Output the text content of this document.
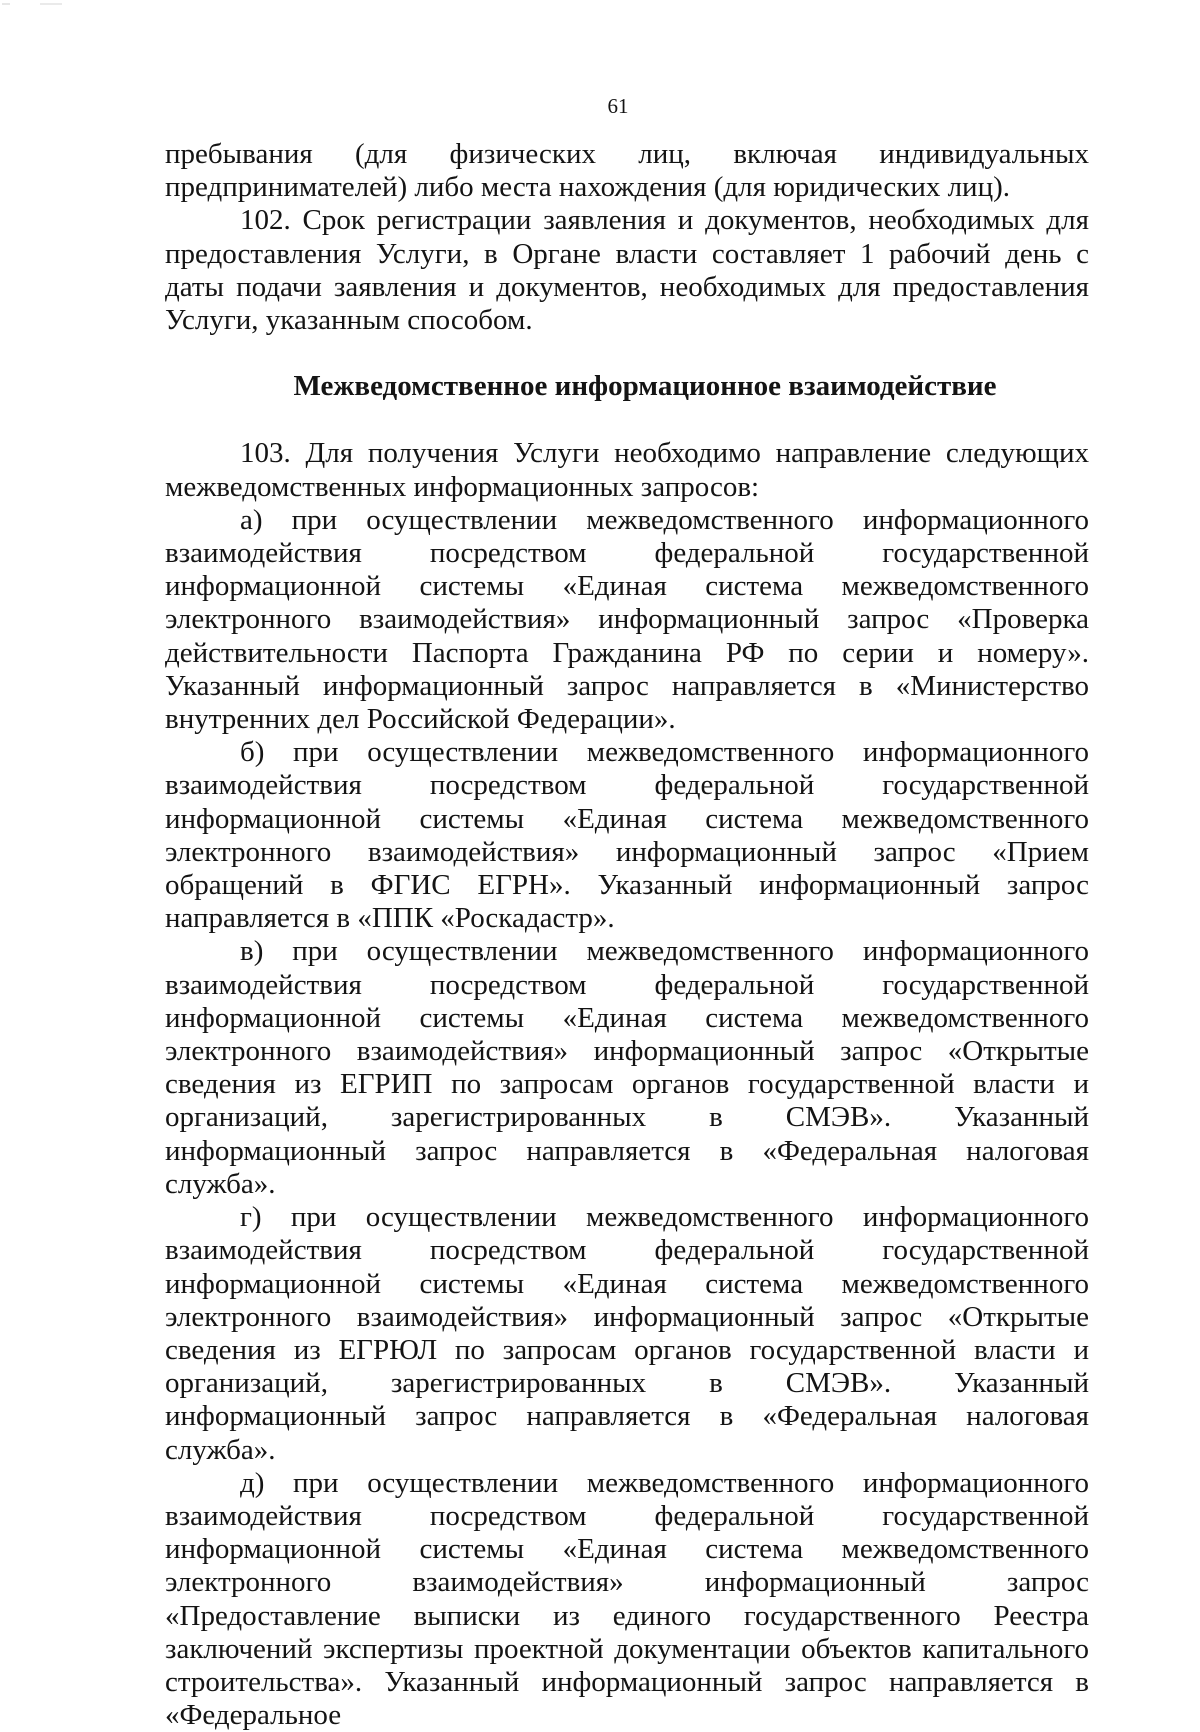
61

пребывания (для физических лиц, включая индивидуальных предпринимателей) либо места нахождения (для юридических лиц).

102. Срок регистрации заявления и документов, необходимых для предоставления Услуги, в Органе власти составляет 1 рабочий день с даты подачи заявления и документов, необходимых для предоставления Услуги, указанным способом.

Межведомственное информационное взаимодействие

103. Для получения Услуги необходимо направление следующих межведомственных информационных запросов:

а) при осуществлении межведомственного информационного взаимодействия посредством федеральной государственной информационной системы «Единая система межведомственного электронного взаимодействия» информационный запрос «Проверка действительности Паспорта Гражданина РФ по серии и номеру». Указанный информационный запрос направляется в «Министерство внутренних дел Российской Федерации».

б) при осуществлении межведомственного информационного взаимодействия посредством федеральной государственной информационной системы «Единая система межведомственного электронного взаимодействия» информационный запрос «Прием обращений в ФГИС ЕГРН». Указанный информационный запрос направляется в «ППК «Роскадастр».

в) при осуществлении межведомственного информационного взаимодействия посредством федеральной государственной информационной системы «Единая система межведомственного электронного взаимодействия» информационный запрос «Открытые сведения из ЕГРИП по запросам органов государственной власти и организаций, зарегистрированных в СМЭВ». Указанный информационный запрос направляется в «Федеральная налоговая служба».

г) при осуществлении межведомственного информационного взаимодействия посредством федеральной государственной информационной системы «Единая система межведомственного электронного взаимодействия» информационный запрос «Открытые сведения из ЕГРЮЛ по запросам органов государственной власти и организаций, зарегистрированных в СМЭВ». Указанный информационный запрос направляется в «Федеральная налоговая служба».

д) при осуществлении межведомственного информационного взаимодействия посредством федеральной государственной информационной системы «Единая система межведомственного электронного взаимодействия» информационный запрос «Предоставление выписки из единого государственного Реестра заключений экспертизы проектной документации объектов капитального строительства». Указанный информационный запрос направляется в «Федеральное
